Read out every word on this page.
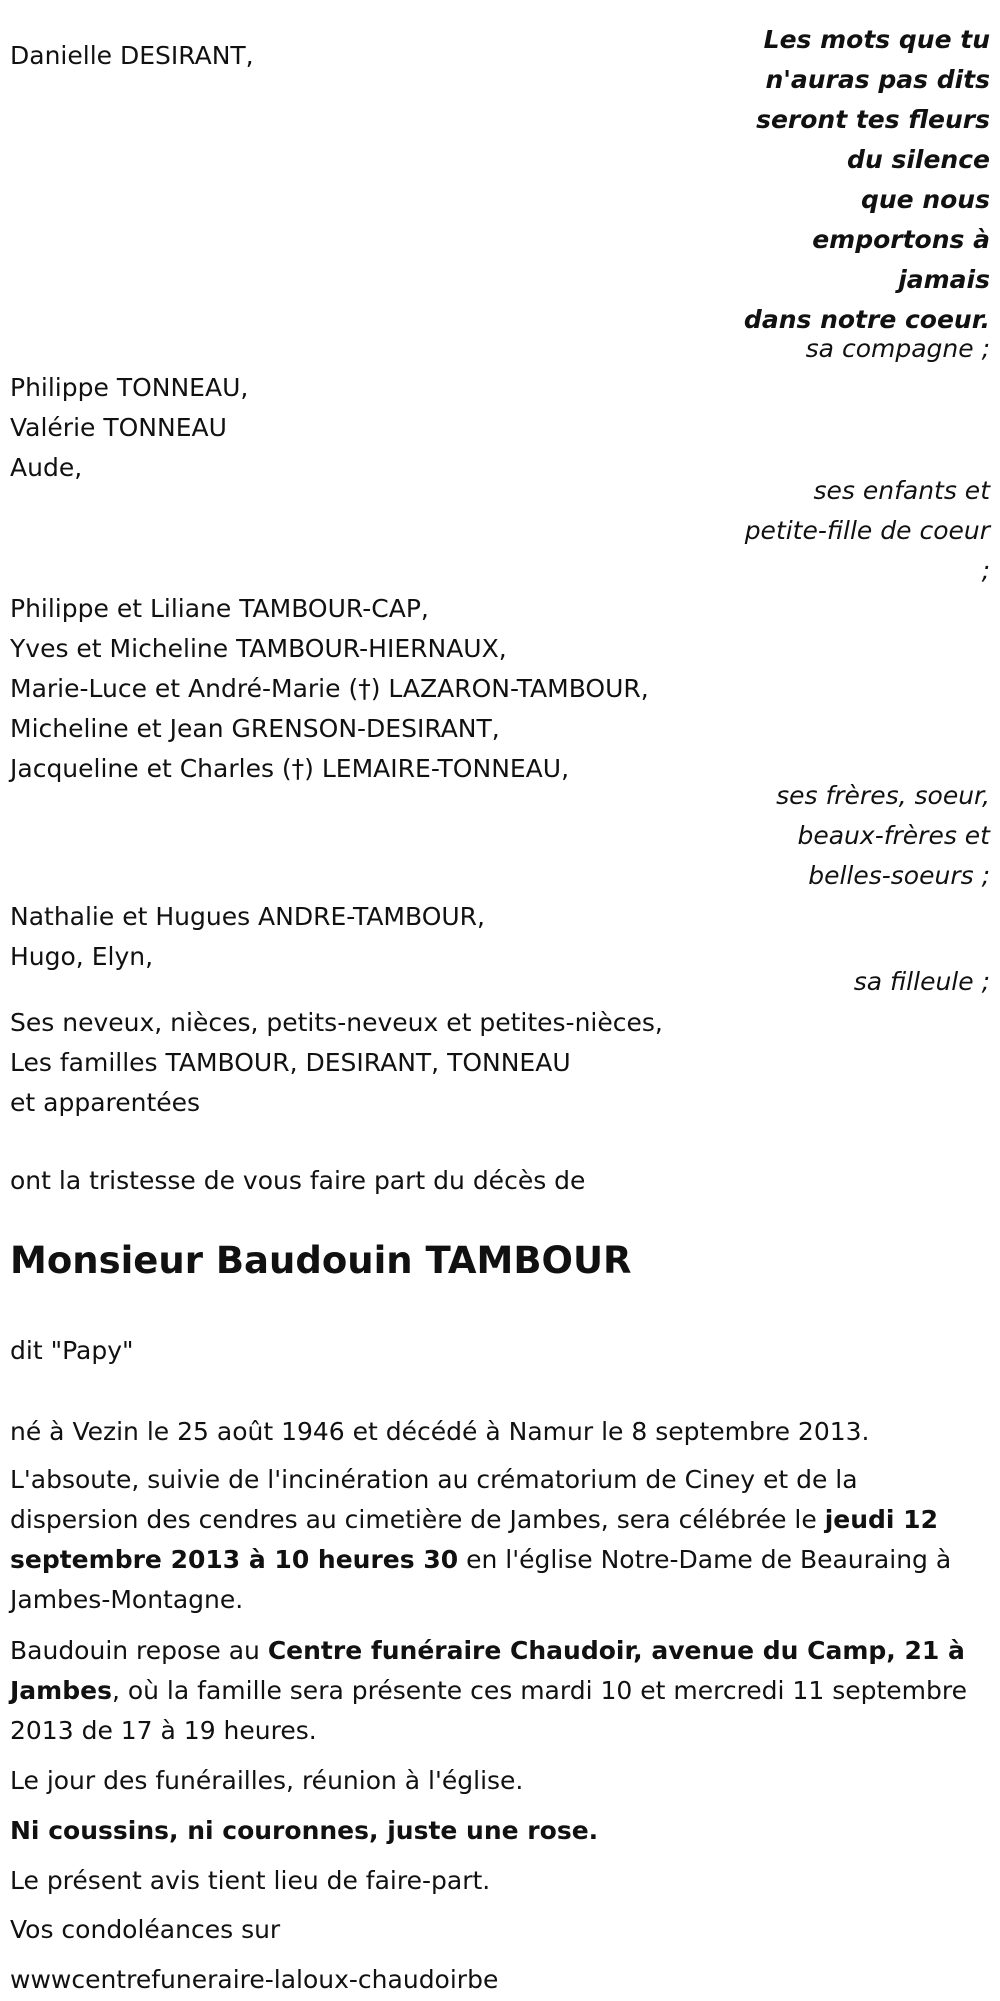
Les mots que tu
n'auras pas dits
seront tes fleurs
du silence
que nous
emportons à
jamais
dans notre coeur.
Danielle DESIRANT,
sa compagne ;
Philippe TONNEAU,
Valérie TONNEAU
Aude,
ses enfants et
petite-fille de coeur
;
Philippe et Liliane TAMBOUR-CAP,
Yves et Micheline TAMBOUR-HIERNAUX,
Marie-Luce et André-Marie (†) LAZARON-TAMBOUR,
Micheline et Jean GRENSON-DESIRANT,
Jacqueline et Charles (†) LEMAIRE-TONNEAU,
ses frères, soeur,
beaux-frères et
belles-soeurs ;
Nathalie et Hugues ANDRE-TAMBOUR,
Hugo, Elyn,
sa filleule ;
Ses neveux, nièces, petits-neveux et petites-nièces,
Les familles TAMBOUR, DESIRANT, TONNEAU
et apparentées
ont la tristesse de vous faire part du décès de
Monsieur Baudouin TAMBOUR
dit "Papy"
né à Vezin le 25 août 1946 et décédé à Namur le 8 septembre 2013.
L'absoute, suivie de l'incinération au crématorium de Ciney et de la dispersion des cendres au cimetière de Jambes, sera célébrée le jeudi 12 septembre 2013 à 10 heures 30 en l'église Notre-Dame de Beauraing à Jambes-Montagne.
Baudouin repose au Centre funéraire Chaudoir, avenue du Camp, 21 à Jambes, où la famille sera présente ces mardi 10 et mercredi 11 septembre 2013 de 17 à 19 heures.
Le jour des funérailles, réunion à l'église.
Ni coussins, ni couronnes, juste une rose.
Le présent avis tient lieu de faire-part.
Vos condoléances sur
wwwcentrefuneraire-laloux-chaudoirbe
